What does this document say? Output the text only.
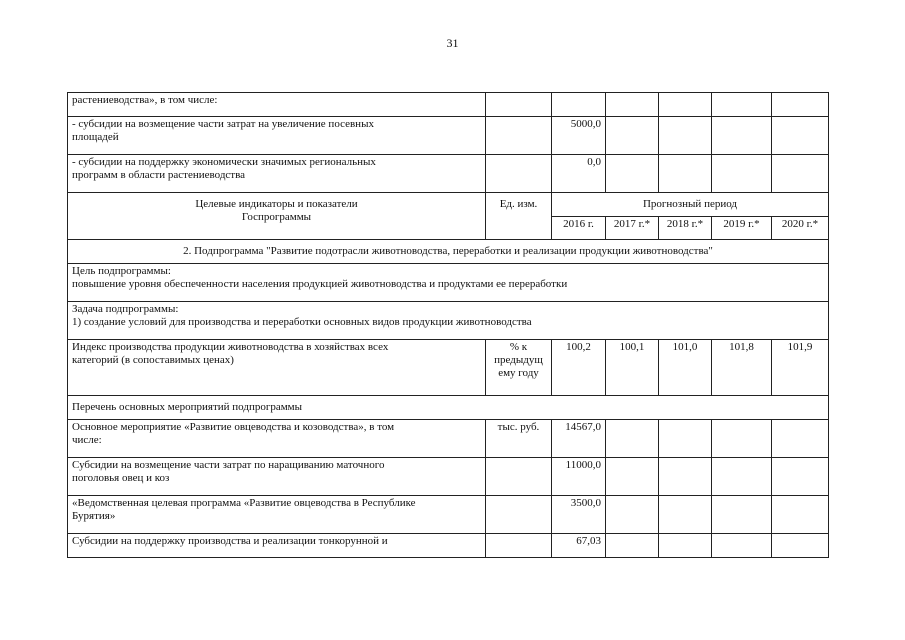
31
растениеводства», в том числе:						
- субсидии на возмещение части затрат на увеличение посевных
площадей		5000,0				
- субсидии на поддержку экономически значимых региональных
программ в области растениеводства		0,0				
Целевые индикаторы и показатели
Госпрограммы	Ед. изм.	Прогнозный период				
		2016 г.	2017 г.*	2018 г.*	2019 г.*	2020 г.*
2. Подпрограмма "Развитие подотрасли животноводства, переработки и реализации продукции животноводства"						
Цель подпрограммы:
повышение уровня обеспеченности населения продукцией животноводства и продуктами ее переработки						
Задача подпрограммы:
1) создание условий для производства и переработки основных видов продукции животноводства						
Индекс производства продукции животноводства в хозяйствах всех
категорий (в сопоставимых ценах)	% к
предыдущ
ему году	100,2	100,1	101,0	101,8	101,9
Перечень основных мероприятий подпрограммы						
Основное мероприятие «Развитие овцеводства и козоводства», в том
числе:	тыс. руб.	14567,0				
Субсидии на возмещение части затрат по наращиванию маточного
поголовья овец и коз		11000,0				
«Ведомственная целевая программа «Развитие овцеводства в Республике
Бурятия»		3500,0				
Субсидии на поддержку производства и реализации тонкорунной и		67,03				
